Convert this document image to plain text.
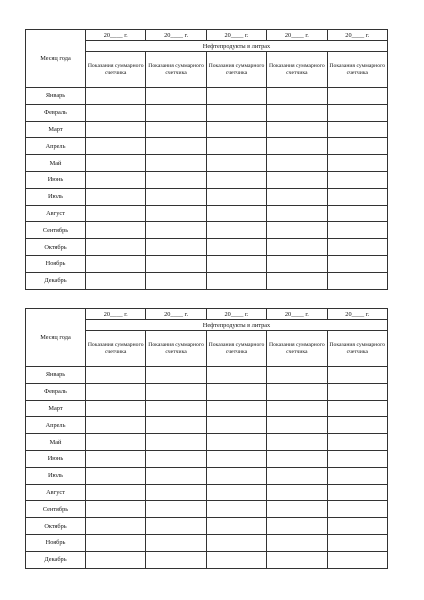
Месяц года	20____ г.	20____ г.	20____ г.	20____ г.	20____ г.
	Нефтепродукты в литрах				
	Показания суммарного счетчика	Показания суммарного счетчика	Показания суммарного счетчика	Показания суммарного счетчика	Показания суммарного счетчика
Январь					
Февраль					
Март					
Апрель					
Май					
Июнь					
Июль					
Август					
Сентябрь					
Октябрь					
Ноябрь					
Декабрь					
Месяц года	20____ г.	20____ г.	20____ г.	20____ г.	20____ г.
	Нефтепродукты в литрах				
	Показания суммарного счетчика	Показания суммарного счетчика	Показания суммарного счетчика	Показания суммарного счетчика	Показания суммарного счетчика
Январь					
Февраль					
Март					
Апрель					
Май					
Июнь					
Июль					
Август					
Сентябрь					
Октябрь					
Ноябрь					
Декабрь					
